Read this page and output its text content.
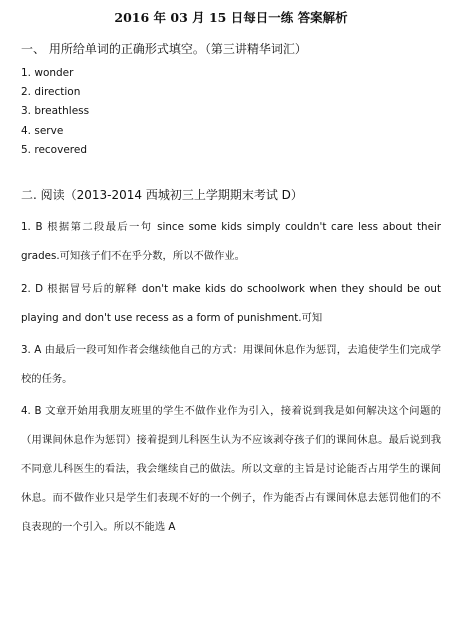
2016 年 03 月 15 日每日一练 答案解析
一、 用所给单词的正确形式填空。（第三讲精华词汇）
1. wonder
2. direction
3. breathless
4. serve
5. recovered
二. 阅读（2013-2014 西城初三上学期期末考试 D）
1. B 根据第二段最后一句 since some kids simply couldn't care less about their grades.可知孩子们不在乎分数，所以不做作业。
2. D 根据冒号后的解释 don't make kids do schoolwork when they should be out playing and don't use recess as a form of punishment.可知
3. A 由最后一段可知作者会继续他自己的方式：用课间休息作为惩罚，去追使学生们完成学校的任务。
4. B 文章开始用我朋友班里的学生不做作业作为引入，接着说到我是如何解决这个问题的（用课间休息作为惩罚）接着提到儿科医生认为不应该剥夺孩子们的课间休息。最后说到我不同意儿科医生的看法，我会继续自己的做法。所以文章的主旨是讨论能否占用学生的课间休息。而不做作业只是学生们表现不好的一个例子，作为能否占有课间休息去惩罚他们的不良表现的一个引入。所以不能选 A
